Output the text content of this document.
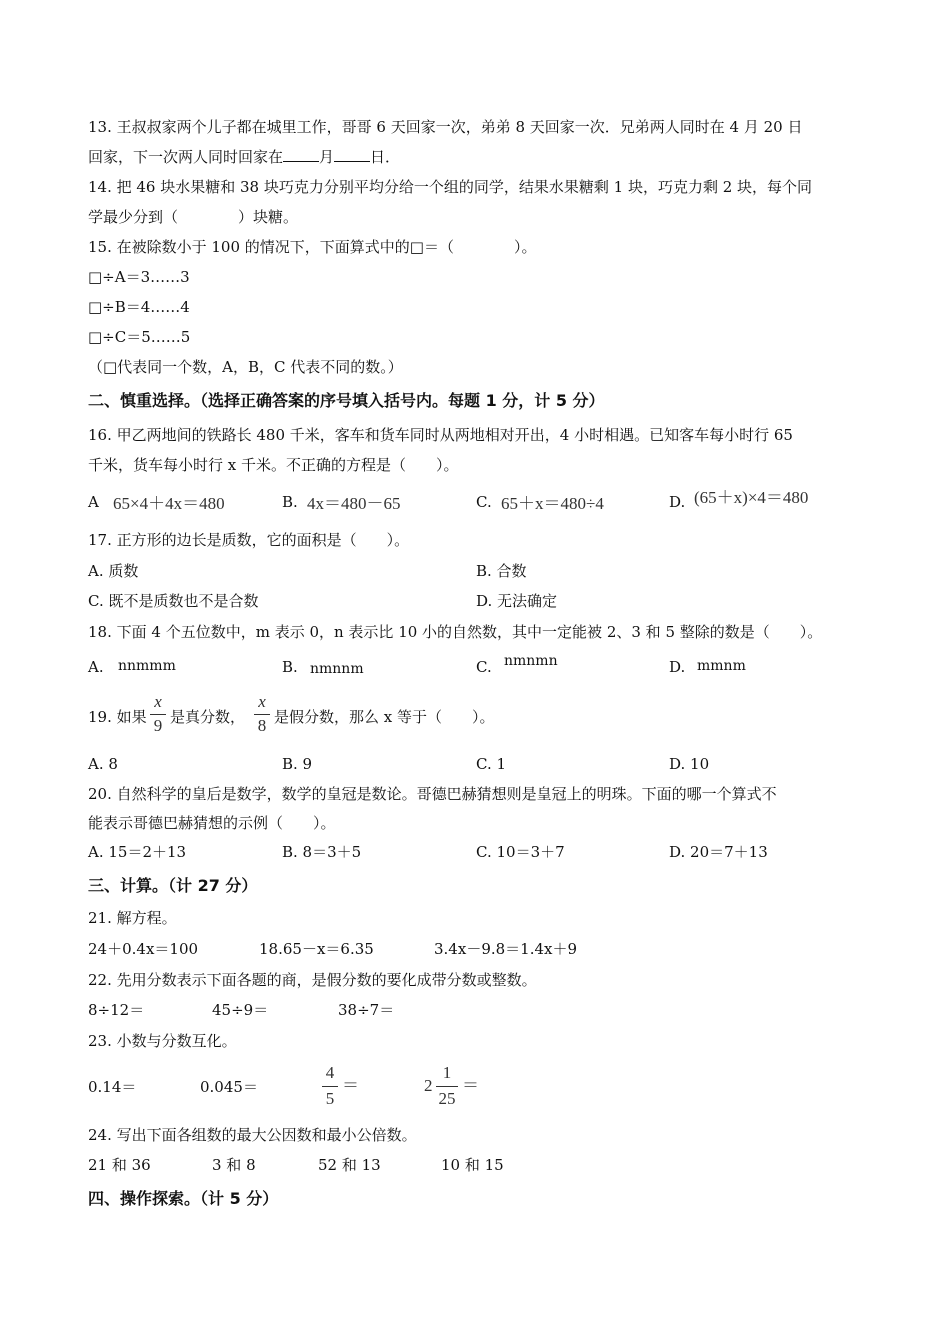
13. 王叔叔家两个儿子都在城里工作，哥哥 6 天回家一次，弟弟 8 天回家一次．兄弟两人同时在 4 月 20 日
回家，下一次两人同时回家在 月 日．
14. 把 46 块水果糖和 38 块巧克力分别平均分给一个组的同学，结果水果糖剩 1 块，巧克力剩 2 块，每个同
学最少分到（　　　　）块糖。
15. 在被除数小于 100 的情况下，下面算式中的□＝（　　　　）。
□÷A＝3……3
□÷B＝4……4
□÷C＝5……5
（□代表同一个数，A，B，C 代表不同的数。）
二、慎重选择。（选择正确答案的序号填入括号内。每题 1 分，计 5 分）
16. 甲乙两地间的铁路长 480 千米，客车和货车同时从两地相对开出，4 小时相遇。已知客车每小时行 65
千米，货车每小时行 x 千米。不正确的方程是（　　）。
A 65×4＋4x＝480	B. 4x＝480－65	C. 65＋x＝480÷4	D. (65＋x)×4＝480
17. 正方形的边长是质数，它的面积是（　　）。
A. 质数	B. 合数
C. 既不是质数也不是合数	D. 无法确定
18. 下面 4 个五位数中，m 表示 0，n 表示比 10 小的自然数，其中一定能被 2、3 和 5 整除的数是（　　）。
A. nnmmm	B. nmnnm	C. nmnmn	D. mmnm
19. 如果
x
9 是真分数，
x
8 是假分数，那么 x 等于（　　）。
A. 8	B. 9	C. 1	D. 10
20. 自然科学的皇后是数学，数学的皇冠是数论。哥德巴赫猜想则是皇冠上的明珠。下面的哪一个算式不
能表示哥德巴赫猜想的示例（　　）。
A. 15＝2＋13	B. 8＝3＋5	C. 10＝3＋7	D. 20＝7＋13
三、计算。（计 27 分）
21. 解方程。
24＋0.4x＝100	18.65－x＝6.35	3.4x－9.8＝1.4x＋9
22. 先用分数表示下面各题的商，是假分数的要化成带分数或整数。
8÷12＝	45÷9＝	38÷7＝
23. 小数与分数互化。
0.14＝	0.045＝
4
5
＝	2
1
25
＝
24. 写出下面各组数的最大公因数和最小公倍数。
21 和 36	3 和 8	52 和 13	10 和 15
四、操作探索。（计 5 分）
